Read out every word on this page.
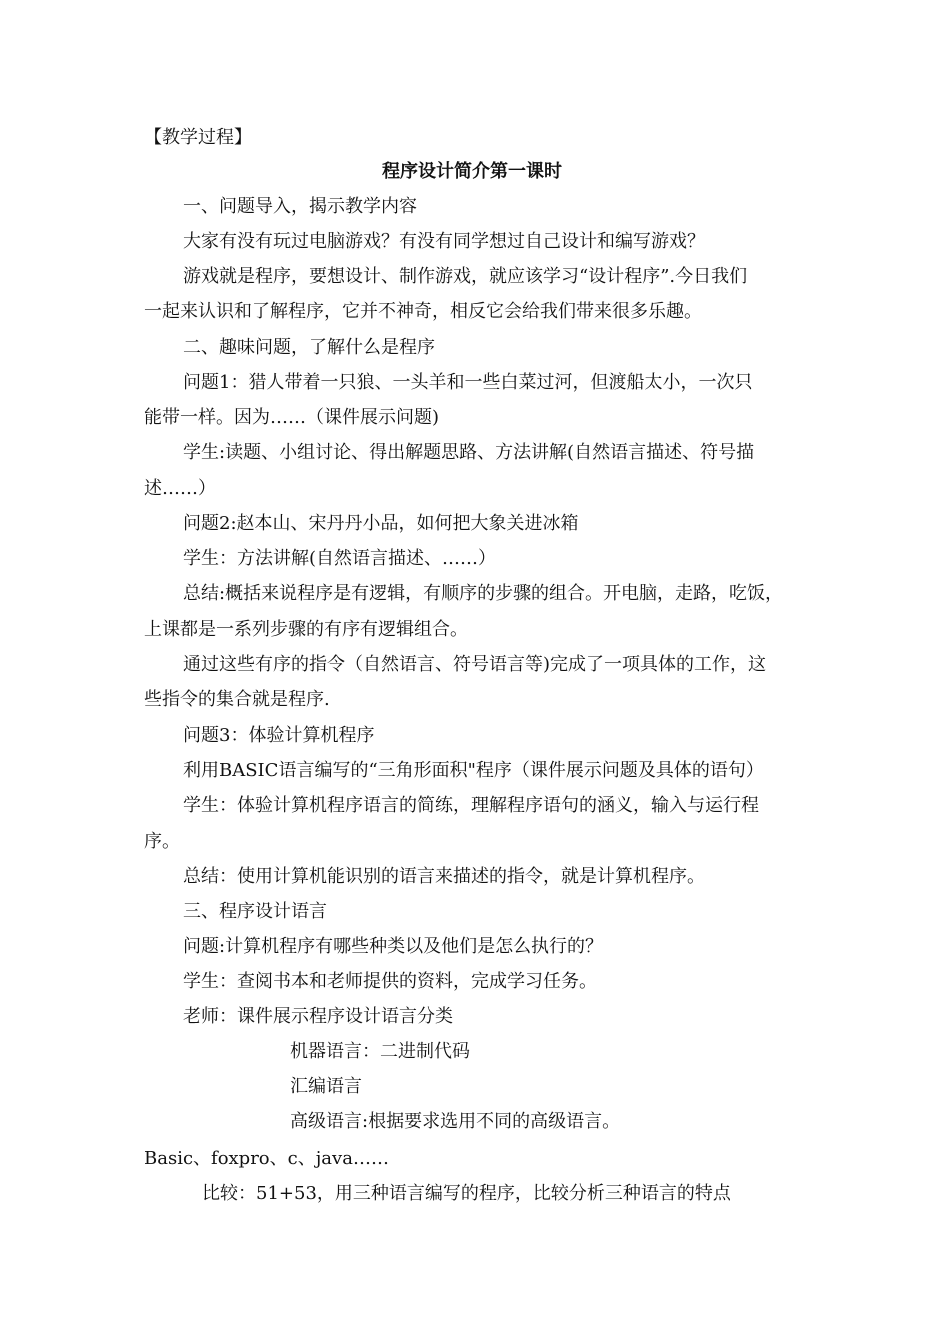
【教学过程】
程序设计简介第一课时
一、问题导入，揭示教学内容
大家有没有玩过电脑游戏？有没有同学想过自己设计和编写游戏？
游戏就是程序，要想设计、制作游戏，就应该学习“设计程序”.今日我们
一起来认识和了解程序，它并不神奇，相反它会给我们带来很多乐趣。
二、趣味问题，了解什么是程序
问题1：猎人带着一只狼、一头羊和一些白菜过河，但渡船太小，一次只
能带一样。因为……（课件展示问题)
学生:读题、小组讨论、得出解题思路、方法讲解(自然语言描述、符号描
述……）
问题2:赵本山、宋丹丹小品，如何把大象关进冰箱
学生：方法讲解(自然语言描述、……）
总结:概括来说程序是有逻辑，有顺序的步骤的组合。开电脑，走路，吃饭，
上课都是一系列步骤的有序有逻辑组合。
通过这些有序的指令（自然语言、符号语言等)完成了一项具体的工作，这
些指令的集合就是程序.
问题3：体验计算机程序
利用BASIC语言编写的“三角形面积"程序（课件展示问题及具体的语句）
学生：体验计算机程序语言的简练，理解程序语句的涵义，输入与运行程
序。
总结：使用计算机能识别的语言来描述的指令，就是计算机程序。
三、程序设计语言
问题:计算机程序有哪些种类以及他们是怎么执行的？
学生：查阅书本和老师提供的资料，完成学习任务。
老师：课件展示程序设计语言分类
机器语言：二进制代码
汇编语言
高级语言:根据要求选用不同的高级语言。
Basic、foxpro、c、java……
比较：51+53，用三种语言编写的程序，比较分析三种语言的特点
